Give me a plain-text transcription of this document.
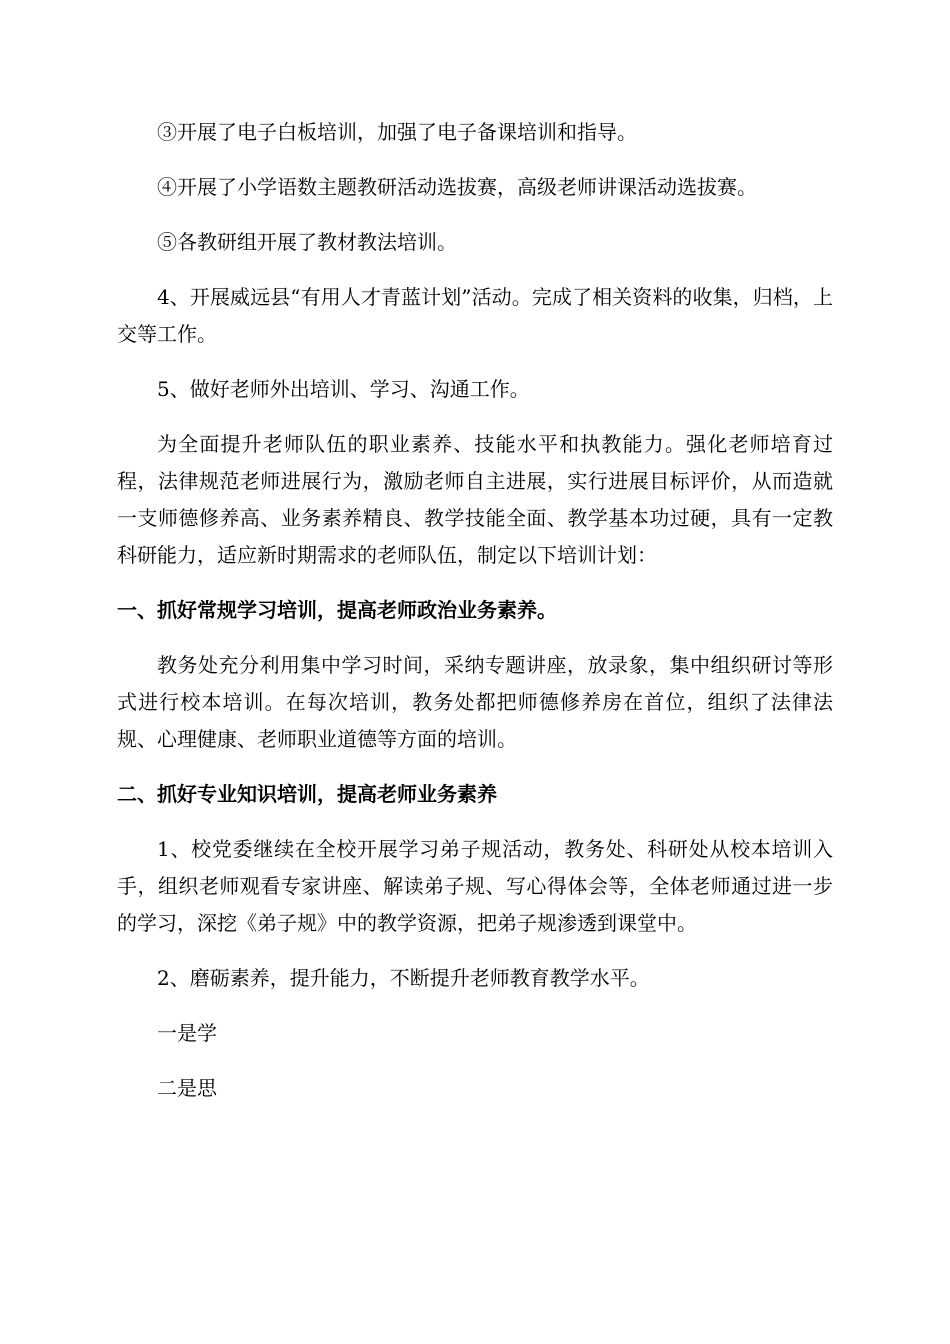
③开展了电子白板培训，加强了电子备课培训和指导。

④开展了小学语数主题教研活动选拔赛，高级老师讲课活动选拔赛。

⑤各教研组开展了教材教法培训。

4、开展威远县“有用人才青蓝计划”活动。完成了相关资料的收集，归档，上交等工作。

5、做好老师外出培训、学习、沟通工作。

为全面提升老师队伍的职业素养、技能水平和执教能力。强化老师培育过程，法律规范老师进展行为，激励老师自主进展，实行进展目标评价，从而造就一支师德修养高、业务素养精良、教学技能全面、教学基本功过硬，具有一定教科研能力，适应新时期需求的老师队伍，制定以下培训计划：

一、抓好常规学习培训，提高老师政治业务素养。

教务处充分利用集中学习时间，采纳专题讲座，放录象，集中组织研讨等形式进行校本培训。在每次培训，教务处都把师德修养房在首位，组织了法律法规、心理健康、老师职业道德等方面的培训。

二、抓好专业知识培训，提高老师业务素养

1、校党委继续在全校开展学习弟子规活动，教务处、科研处从校本培训入手，组织老师观看专家讲座、解读弟子规、写心得体会等，全体老师通过进一步的学习，深挖《弟子规》中的教学资源，把弟子规渗透到课堂中。

2、磨砺素养，提升能力，不断提升老师教育教学水平。

一是学

二是思
